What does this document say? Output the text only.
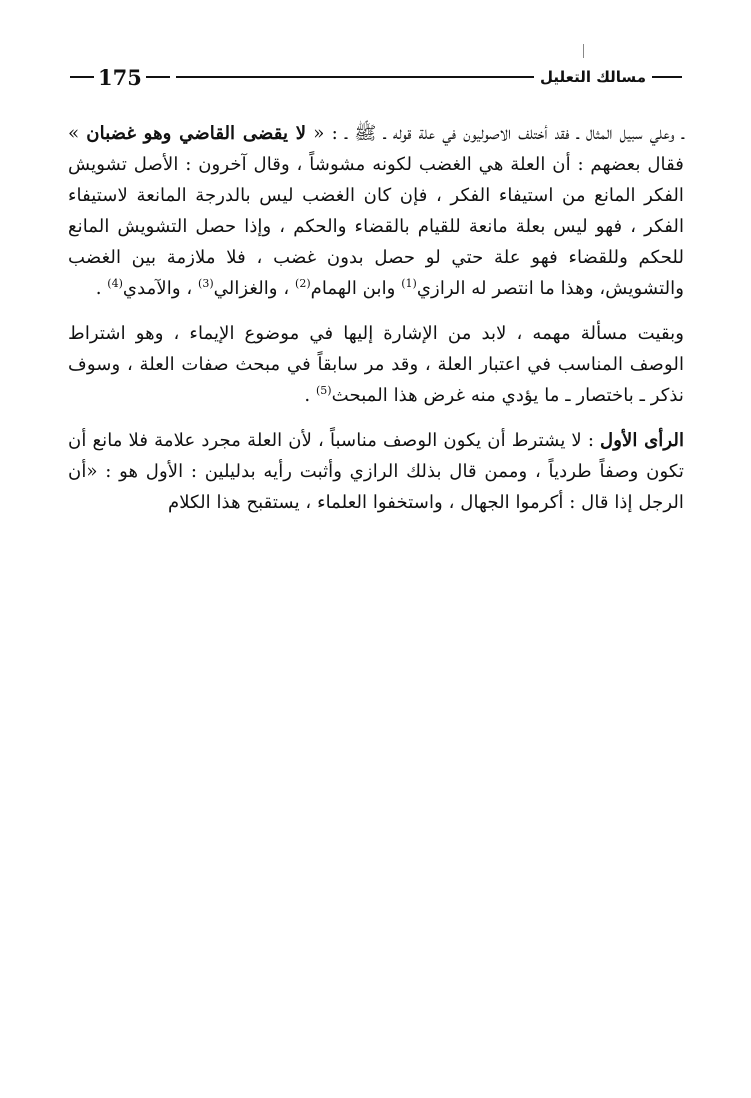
175	مسالك التعليل

ـ وعلي سبيل المثال ـ فقد أختلف الاصوليون في علة قوله ـ ﷺ ـ : « لا يقضى القاضي وهو غضبان » فقال بعضهم : أن العلة هي الغضب لكونه مشوشاً ، وقال آخرون : الأصل تشويش الفكر المانع من استيفاء الفكر ، فإن كان الغضب ليس بالدرجة المانعة لاستيفاء الفكر ، فهو ليس بعلة مانعة للقيام بالقضاء والحكم ، وإذا حصل التشويش المانع للحكم وللقضاء فهو علة حتي لو حصل بدون غضب ، فلا ملازمة بين الغضب والتشويش، وهذا ما انتصر له الرازي$^{(1)}$ وابن الهمام$^{(2)}$ ، والغزالي$^{(3)}$ ، والآمدي$^{(4)}$ .

وبقيت مسألة مهمه ، لابد من الإشارة إليها في موضوع الإيماء ، وهو اشتراط الوصف المناسب في اعتبار العلة ، وقد مر سابقاً في مبحث صفات العلة ، وسوف نذكر ـ باختصار ـ ما يؤدي منه غرض هذا المبحث$^{(5)}$ .

الرأى الأول : لا يشترط أن يكون الوصف مناسباً ، لأن العلة مجرد علامة فلا مانع أن تكون وصفاً طردياً ، وممن قال بذلك الرازي وأثبت رأيه بدليلين : الأول هو : «أن الرجل إذا قال : أكرموا الجهال ، واستخفوا العلماء ، يستقبح هذا الكلام
